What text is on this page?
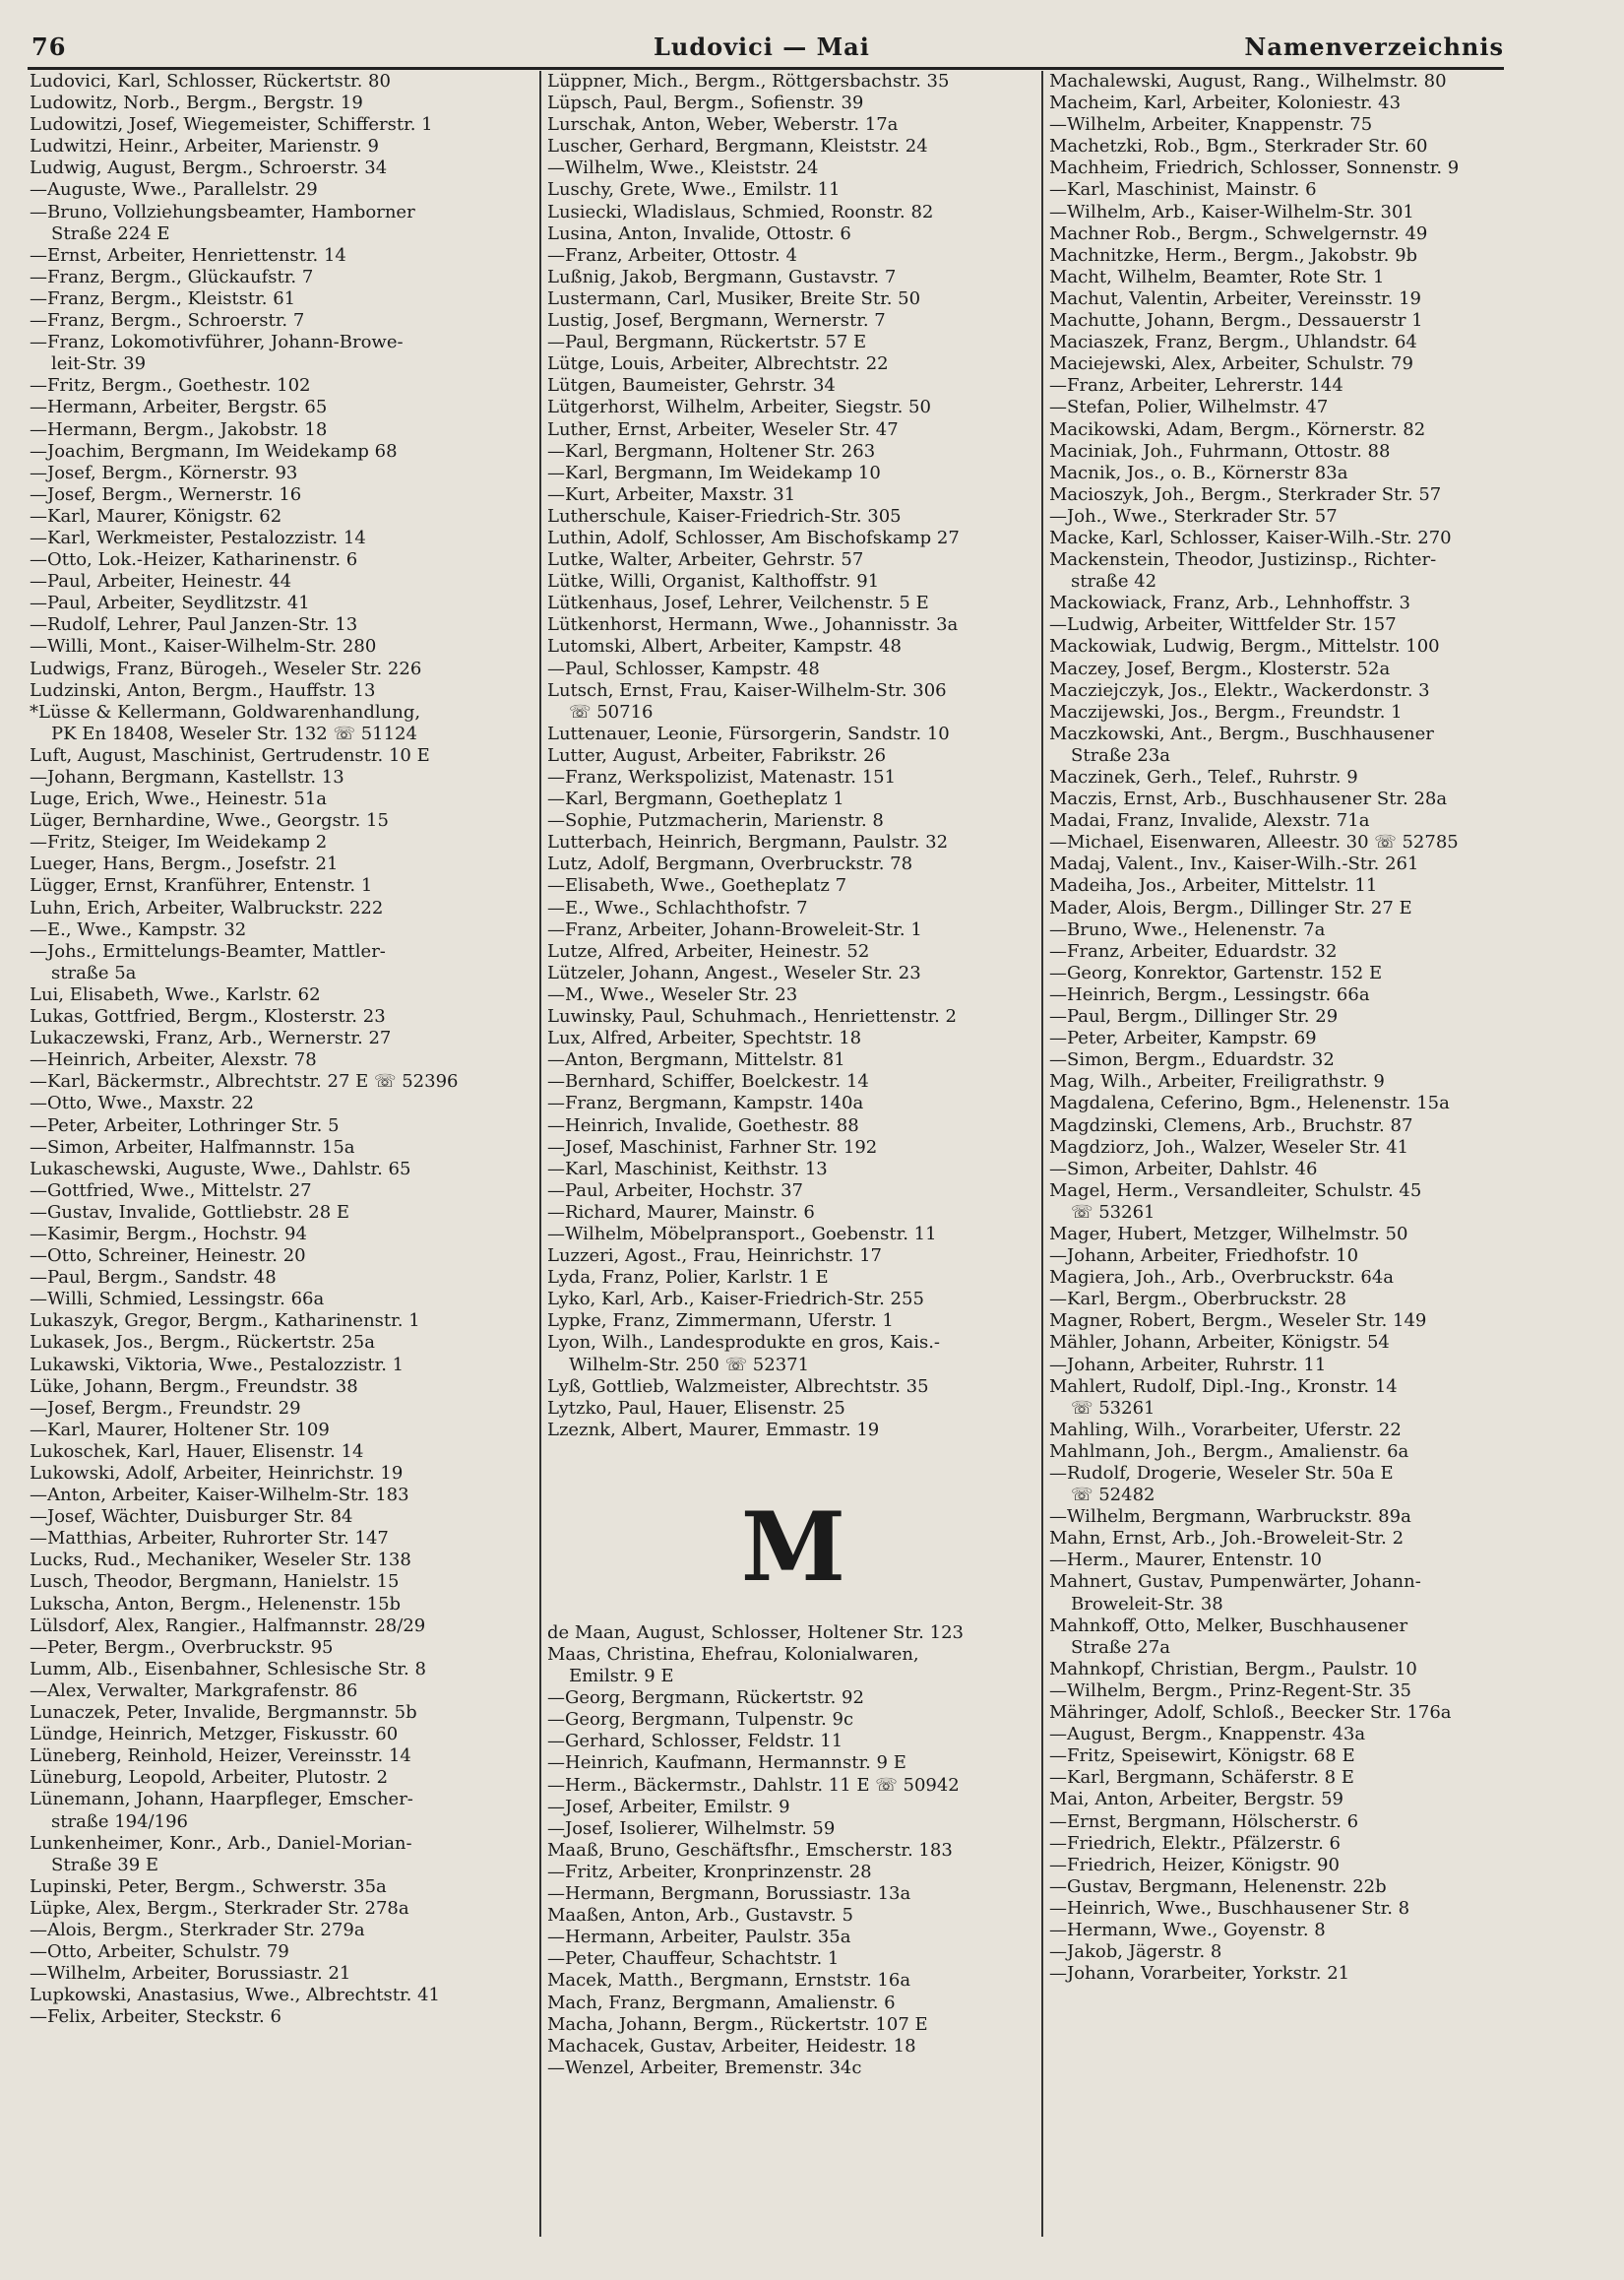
76	Ludovici — Mai	Namenverzeichnis

Ludovici, Karl, Schlosser, Rückertstr. 80

Ludowitz, Norb., Bergm., Bergstr. 19

Ludowitzi, Josef, Wiegemeister, Schifferstr. 1

Ludwitzi, Heinr., Arbeiter, Marienstr. 9

Ludwig, August, Bergm., Schroerstr. 34

—Auguste, Wwe., Parallelstr. 29

—Bruno, Vollziehungsbeamter, Hamborner

Straße 224 E

—Ernst, Arbeiter, Henriettenstr. 14

—Franz, Bergm., Glückaufstr. 7

—Franz, Bergm., Kleiststr. 61

—Franz, Bergm., Schroerstr. 7

—Franz, Lokomotivführer, Johann-Browe-

leit-Str. 39

—Fritz, Bergm., Goethestr. 102

—Hermann, Arbeiter, Bergstr. 65

—Hermann, Bergm., Jakobstr. 18

—Joachim, Bergmann, Im Weidekamp 68

—Josef, Bergm., Körnerstr. 93

—Josef, Bergm., Wernerstr. 16

—Karl, Maurer, Königstr. 62

—Karl, Werkmeister, Pestalozzistr. 14

—Otto, Lok.-Heizer, Katharinenstr. 6

—Paul, Arbeiter, Heinestr. 44

—Paul, Arbeiter, Seydlitzstr. 41

—Rudolf, Lehrer, Paul Janzen-Str. 13

—Willi, Mont., Kaiser-Wilhelm-Str. 280

Ludwigs, Franz, Bürogeh., Weseler Str. 226

Ludzinski, Anton, Bergm., Hauffstr. 13

*Lüsse & Kellermann, Goldwarenhandlung,

PK En 18408, Weseler Str. 132 ☏ 51124

Luft, August, Maschinist, Gertrudenstr. 10 E

—Johann, Bergmann, Kastellstr. 13

Luge, Erich, Wwe., Heinestr. 51a

Lüger, Bernhardine, Wwe., Georgstr. 15

—Fritz, Steiger, Im Weidekamp 2

Lueger, Hans, Bergm., Josefstr. 21

Lügger, Ernst, Kranführer, Entenstr. 1

Luhn, Erich, Arbeiter, Walbruckstr. 222

—E., Wwe., Kampstr. 32

—Johs., Ermittelungs-Beamter, Mattler-

straße 5a

Lui, Elisabeth, Wwe., Karlstr. 62

Lukas, Gottfried, Bergm., Klosterstr. 23

Lukaczewski, Franz, Arb., Wernerstr. 27

—Heinrich, Arbeiter, Alexstr. 78

—Karl, Bäckermstr., Albrechtstr. 27 E ☏ 52396

—Otto, Wwe., Maxstr. 22

—Peter, Arbeiter, Lothringer Str. 5

—Simon, Arbeiter, Halfmannstr. 15a

Lukaschewski, Auguste, Wwe., Dahlstr. 65

—Gottfried, Wwe., Mittelstr. 27

—Gustav, Invalide, Gottliebstr. 28 E

—Kasimir, Bergm., Hochstr. 94

—Otto, Schreiner, Heinestr. 20

—Paul, Bergm., Sandstr. 48

—Willi, Schmied, Lessingstr. 66a

Lukaszyk, Gregor, Bergm., Katharinenstr. 1

Lukasek, Jos., Bergm., Rückertstr. 25a

Lukawski, Viktoria, Wwe., Pestalozzistr. 1

Lüke, Johann, Bergm., Freundstr. 38

—Josef, Bergm., Freundstr. 29

—Karl, Maurer, Holtener Str. 109

Lukoschek, Karl, Hauer, Elisenstr. 14

Lukowski, Adolf, Arbeiter, Heinrichstr. 19

—Anton, Arbeiter, Kaiser-Wilhelm-Str. 183

—Josef, Wächter, Duisburger Str. 84

—Matthias, Arbeiter, Ruhrorter Str. 147

Lucks, Rud., Mechaniker, Weseler Str. 138

Lusch, Theodor, Bergmann, Hanielstr. 15

Lukscha, Anton, Bergm., Helenenstr. 15b

Lülsdorf, Alex, Rangier., Halfmannstr. 28/29

—Peter, Bergm., Overbruckstr. 95

Lumm, Alb., Eisenbahner, Schlesische Str. 8

—Alex, Verwalter, Markgrafenstr. 86

Lunaczek, Peter, Invalide, Bergmannstr. 5b

Lündge, Heinrich, Metzger, Fiskusstr. 60

Lüneberg, Reinhold, Heizer, Vereinsstr. 14

Lüneburg, Leopold, Arbeiter, Plutostr. 2

Lünemann, Johann, Haarpfleger, Emscher-

straße 194/196

Lunkenheimer, Konr., Arb., Daniel-Morian-

Straße 39 E

Lupinski, Peter, Bergm., Schwerstr. 35a

Lüpke, Alex, Bergm., Sterkrader Str. 278a

—Alois, Bergm., Sterkrader Str. 279a

—Otto, Arbeiter, Schulstr. 79

—Wilhelm, Arbeiter, Borussiastr. 21

Lupkowski, Anastasius, Wwe., Albrechtstr. 41

—Felix, Arbeiter, Steckstr. 6

Lüppner, Mich., Bergm., Röttgersbachstr. 35

Lüpsch, Paul, Bergm., Sofienstr. 39

Lurschak, Anton, Weber, Weberstr. 17a

Luscher, Gerhard, Bergmann, Kleiststr. 24

—Wilhelm, Wwe., Kleiststr. 24

Luschy, Grete, Wwe., Emilstr. 11

Lusiecki, Wladislaus, Schmied, Roonstr. 82

Lusina, Anton, Invalide, Ottostr. 6

—Franz, Arbeiter, Ottostr. 4

Lußnig, Jakob, Bergmann, Gustavstr. 7

Lustermann, Carl, Musiker, Breite Str. 50

Lustig, Josef, Bergmann, Wernerstr. 7

—Paul, Bergmann, Rückertstr. 57 E

Lütge, Louis, Arbeiter, Albrechtstr. 22

Lütgen, Baumeister, Gehrstr. 34

Lütgerhorst, Wilhelm, Arbeiter, Siegstr. 50

Luther, Ernst, Arbeiter, Weseler Str. 47

—Karl, Bergmann, Holtener Str. 263

—Karl, Bergmann, Im Weidekamp 10

—Kurt, Arbeiter, Maxstr. 31

Lutherschule, Kaiser-Friedrich-Str. 305

Luthin, Adolf, Schlosser, Am Bischofskamp 27

Lutke, Walter, Arbeiter, Gehrstr. 57

Lütke, Willi, Organist, Kalthoffstr. 91

Lütkenhaus, Josef, Lehrer, Veilchenstr. 5 E

Lütkenhorst, Hermann, Wwe., Johannisstr. 3a

Lutomski, Albert, Arbeiter, Kampstr. 48

—Paul, Schlosser, Kampstr. 48

Lutsch, Ernst, Frau, Kaiser-Wilhelm-Str. 306

☏ 50716

Luttenauer, Leonie, Fürsorgerin, Sandstr. 10

Lutter, August, Arbeiter, Fabrikstr. 26

—Franz, Werkspolizist, Matenastr. 151

—Karl, Bergmann, Goetheplatz 1

—Sophie, Putzmacherin, Marienstr. 8

Lutterbach, Heinrich, Bergmann, Paulstr. 32

Lutz, Adolf, Bergmann, Overbruckstr. 78

—Elisabeth, Wwe., Goetheplatz 7

—E., Wwe., Schlachthofstr. 7

—Franz, Arbeiter, Johann-Broweleit-Str. 1

Lutze, Alfred, Arbeiter, Heinestr. 52

Lützeler, Johann, Angest., Weseler Str. 23

—M., Wwe., Weseler Str. 23

Luwinsky, Paul, Schuhmach., Henriettenstr. 2

Lux, Alfred, Arbeiter, Spechtstr. 18

—Anton, Bergmann, Mittelstr. 81

—Bernhard, Schiffer, Boelckestr. 14

—Franz, Bergmann, Kampstr. 140a

—Heinrich, Invalide, Goethestr. 88

—Josef, Maschinist, Farhner Str. 192

—Karl, Maschinist, Keithstr. 13

—Paul, Arbeiter, Hochstr. 37

—Richard, Maurer, Mainstr. 6

—Wilhelm, Möbelpransport., Goebenstr. 11

Luzzeri, Agost., Frau, Heinrichstr. 17

Lyda, Franz, Polier, Karlstr. 1 E

Lyko, Karl, Arb., Kaiser-Friedrich-Str. 255

Lypke, Franz, Zimmermann, Uferstr. 1

Lyon, Wilh., Landesprodukte en gros, Kais.-

Wilhelm-Str. 250 ☏ 52371

Lyß, Gottlieb, Walzmeister, Albrechtstr. 35

Lytzko, Paul, Hauer, Elisenstr. 25

Lzeznk, Albert, Maurer, Emmastr. 19

M

de Maan, August, Schlosser, Holtener Str. 123

Maas, Christina, Ehefrau, Kolonialwaren,

Emilstr. 9 E

—Georg, Bergmann, Rückertstr. 92

—Georg, Bergmann, Tulpenstr. 9c

—Gerhard, Schlosser, Feldstr. 11

—Heinrich, Kaufmann, Hermannstr. 9 E

—Herm., Bäckermstr., Dahlstr. 11 E ☏ 50942

—Josef, Arbeiter, Emilstr. 9

—Josef, Isolierer, Wilhelmstr. 59

Maaß, Bruno, Geschäftsfhr., Emscherstr. 183

—Fritz, Arbeiter, Kronprinzenstr. 28

—Hermann, Bergmann, Borussiastr. 13a

Maaßen, Anton, Arb., Gustavstr. 5

—Hermann, Arbeiter, Paulstr. 35a

—Peter, Chauffeur, Schachtstr. 1

Macek, Matth., Bergmann, Ernststr. 16a

Mach, Franz, Bergmann, Amalienstr. 6

Macha, Johann, Bergm., Rückertstr. 107 E

Machacek, Gustav, Arbeiter, Heidestr. 18

—Wenzel, Arbeiter, Bremenstr. 34c

Machalewski, August, Rang., Wilhelmstr. 80

Macheim, Karl, Arbeiter, Koloniestr. 43

—Wilhelm, Arbeiter, Knappenstr. 75

Machetzki, Rob., Bgm., Sterkrader Str. 60

Machheim, Friedrich, Schlosser, Sonnenstr. 9

—Karl, Maschinist, Mainstr. 6

—Wilhelm, Arb., Kaiser-Wilhelm-Str. 301

Machner Rob., Bergm., Schwelgernstr. 49

Machnitzke, Herm., Bergm., Jakobstr. 9b

Macht, Wilhelm, Beamter, Rote Str. 1

Machut, Valentin, Arbeiter, Vereinsstr. 19

Machutte, Johann, Bergm., Dessauerstr 1

Maciaszek, Franz, Bergm., Uhlandstr. 64

Maciejewski, Alex, Arbeiter, Schulstr. 79

—Franz, Arbeiter, Lehrerstr. 144

—Stefan, Polier, Wilhelmstr. 47

Macikowski, Adam, Bergm., Körnerstr. 82

Maciniak, Joh., Fuhrmann, Ottostr. 88

Macnik, Jos., o. B., Körnerstr 83a

Macioszyk, Joh., Bergm., Sterkrader Str. 57

—Joh., Wwe., Sterkrader Str. 57

Macke, Karl, Schlosser, Kaiser-Wilh.-Str. 270

Mackenstein, Theodor, Justizinsp., Richter-

straße 42

Mackowiack, Franz, Arb., Lehnhoffstr. 3

—Ludwig, Arbeiter, Wittfelder Str. 157

Mackowiak, Ludwig, Bergm., Mittelstr. 100

Maczey, Josef, Bergm., Klosterstr. 52a

Macziejczyk, Jos., Elektr., Wackerdonstr. 3

Maczijewski, Jos., Bergm., Freundstr. 1

Maczkowski, Ant., Bergm., Buschhausener

Straße 23a

Maczinek, Gerh., Telef., Ruhrstr. 9

Maczis, Ernst, Arb., Buschhausener Str. 28a

Madai, Franz, Invalide, Alexstr. 71a

—Michael, Eisenwaren, Alleestr. 30 ☏ 52785

Madaj, Valent., Inv., Kaiser-Wilh.-Str. 261

Madeiha, Jos., Arbeiter, Mittelstr. 11

Mader, Alois, Bergm., Dillinger Str. 27 E

—Bruno, Wwe., Helenenstr. 7a

—Franz, Arbeiter, Eduardstr. 32

—Georg, Konrektor, Gartenstr. 152 E

—Heinrich, Bergm., Lessingstr. 66a

—Paul, Bergm., Dillinger Str. 29

—Peter, Arbeiter, Kampstr. 69

—Simon, Bergm., Eduardstr. 32

Mag, Wilh., Arbeiter, Freiligrathstr. 9

Magdalena, Ceferino, Bgm., Helenenstr. 15a

Magdzinski, Clemens, Arb., Bruchstr. 87

Magdziorz, Joh., Walzer, Weseler Str. 41

—Simon, Arbeiter, Dahlstr. 46

Magel, Herm., Versandleiter, Schulstr. 45

☏ 53261

Mager, Hubert, Metzger, Wilhelmstr. 50

—Johann, Arbeiter, Friedhofstr. 10

Magiera, Joh., Arb., Overbruckstr. 64a

—Karl, Bergm., Oberbruckstr. 28

Magner, Robert, Bergm., Weseler Str. 149

Mähler, Johann, Arbeiter, Königstr. 54

—Johann, Arbeiter, Ruhrstr. 11

Mahlert, Rudolf, Dipl.-Ing., Kronstr. 14

☏ 53261

Mahling, Wilh., Vorarbeiter, Uferstr. 22

Mahlmann, Joh., Bergm., Amalienstr. 6a

—Rudolf, Drogerie, Weseler Str. 50a E

☏ 52482

—Wilhelm, Bergmann, Warbruckstr. 89a

Mahn, Ernst, Arb., Joh.-Broweleit-Str. 2

—Herm., Maurer, Entenstr. 10

Mahnert, Gustav, Pumpenwärter, Johann-

Broweleit-Str. 38

Mahnkoff, Otto, Melker, Buschhausener

Straße 27a

Mahnkopf, Christian, Bergm., Paulstr. 10

—Wilhelm, Bergm., Prinz-Regent-Str. 35

Mähringer, Adolf, Schloß., Beecker Str. 176a

—August, Bergm., Knappenstr. 43a

—Fritz, Speisewirt, Königstr. 68 E

—Karl, Bergmann, Schäferstr. 8 E

Mai, Anton, Arbeiter, Bergstr. 59

—Ernst, Bergmann, Hölscherstr. 6

—Friedrich, Elektr., Pfälzerstr. 6

—Friedrich, Heizer, Königstr. 90

—Gustav, Bergmann, Helenenstr. 22b

—Heinrich, Wwe., Buschhausener Str. 8

—Hermann, Wwe., Goyenstr. 8

—Jakob, Jägerstr. 8

—Johann, Vorarbeiter, Yorkstr. 21
